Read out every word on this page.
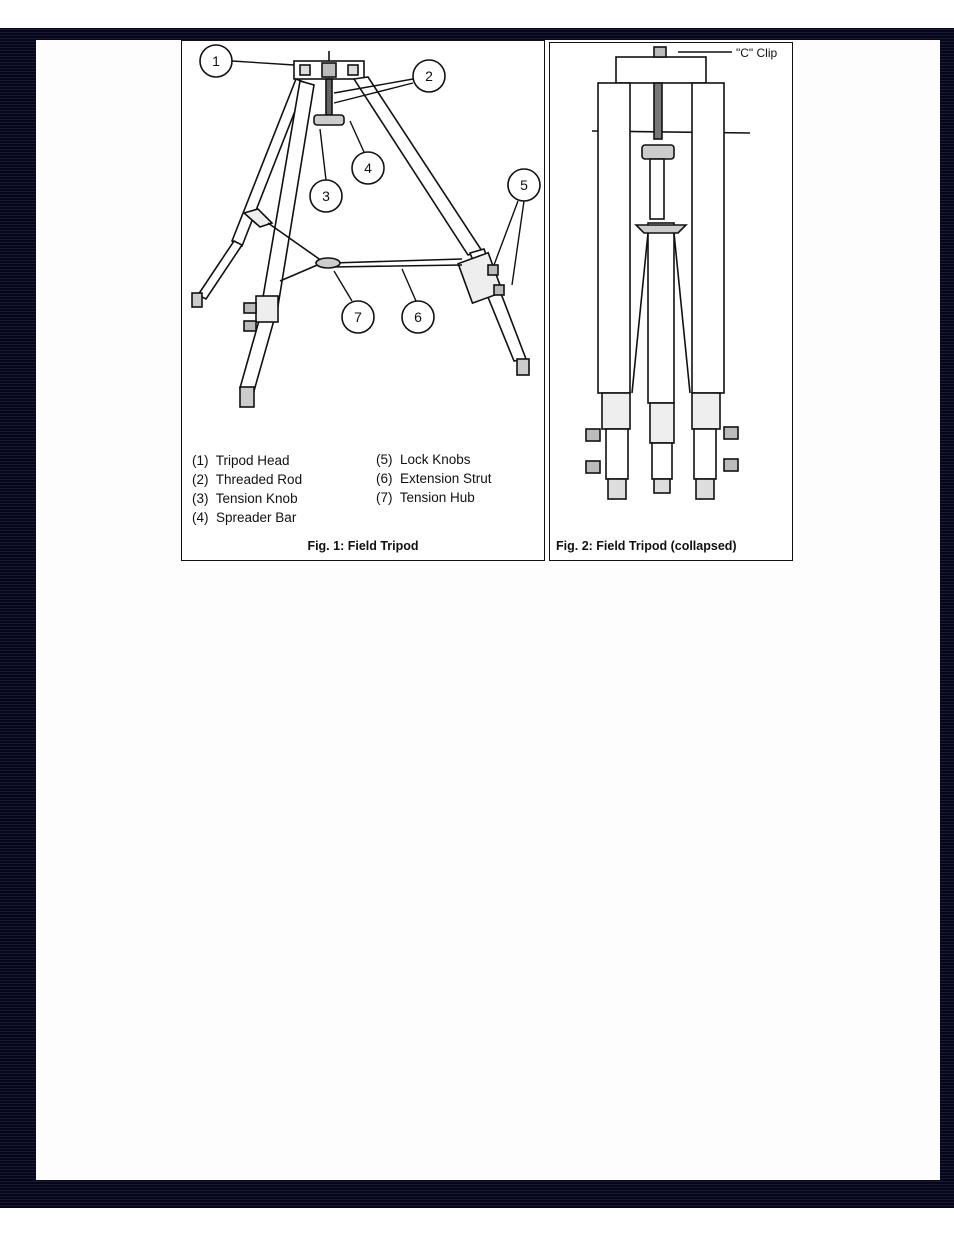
1
2
3
4
5
6
7
(1) Tripod Head
(2) Threaded Rod
(3) Tension Knob
(4) Spreader Bar
(5) Lock Knobs
(6) Extension Strut
(7) Tension Hub
Fig. 1: Field Tripod
"C" Clip
Fig. 2: Field Tripod (collapsed)
